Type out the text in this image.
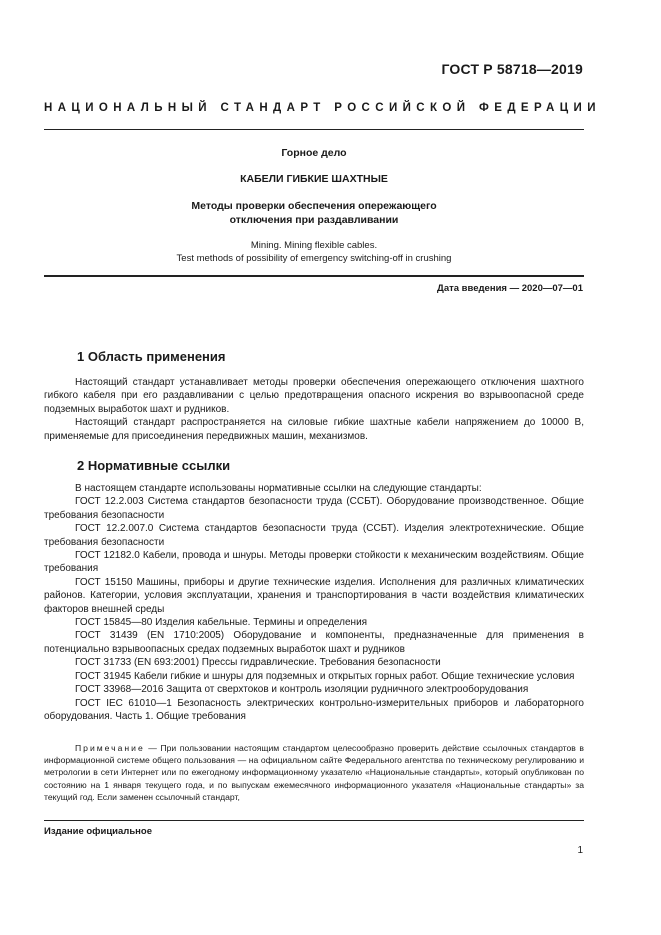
ГОСТ Р 58718—2019
НАЦИОНАЛЬНЫЙ СТАНДАРТ РОССИЙСКОЙ ФЕДЕРАЦИИ
Горное дело
КАБЕЛИ ГИБКИЕ ШАХТНЫЕ
Методы проверки обеспечения опережающего
отключения при раздавливании
Mining. Mining flexible cables.
Test methods of possibility of emergency switching-off in crushing
Дата введения — 2020—07—01
1 Область применения

Настоящий стандарт устанавливает методы проверки обеспечения опережающего отключения шахтного гибкого кабеля при его раздавливании с целью предотвращения опасного искрения во взрывоопасной среде подземных выработок шахт и рудников.

Настоящий стандарт распространяется на силовые гибкие шахтные кабели напряжением до 10000 В, применяемые для присоединения передвижных машин, механизмов.

2 Нормативные ссылки

В настоящем стандарте использованы нормативные ссылки на следующие стандарты:

ГОСТ 12.2.003 Система стандартов безопасности труда (ССБТ). Оборудование производственное. Общие требования безопасности

ГОСТ 12.2.007.0 Система стандартов безопасности труда (ССБТ). Изделия электротехнические. Общие требования безопасности

ГОСТ 12182.0 Кабели, провода и шнуры. Методы проверки стойкости к механическим воздействиям. Общие требования

ГОСТ 15150 Машины, приборы и другие технические изделия. Исполнения для различных климатических районов. Категории, условия эксплуатации, хранения и транспортирования в части воздействия климатических факторов внешней среды

ГОСТ 15845—80 Изделия кабельные. Термины и определения

ГОСТ 31439 (EN 1710:2005) Оборудование и компоненты, предназначенные для применения в потенциально взрывоопасных средах подземных выработок шахт и рудников

ГОСТ 31733 (EN 693:2001) Прессы гидравлические. Требования безопасности

ГОСТ 31945 Кабели гибкие и шнуры для подземных и открытых горных работ. Общие технические условия

ГОСТ 33968—2016 Защита от сверхтоков и контроль изоляции рудничного электрооборудования

ГОСТ IEC 61010—1 Безопасность электрических контрольно-измерительных приборов и лабораторного оборудования. Часть 1. Общие требования

Примечание — При пользовании настоящим стандартом целесообразно проверить действие ссылочных стандартов в информационной системе общего пользования — на официальном сайте Федерального агентства по техническому регулированию и метрологии в сети Интернет или по ежегодному информационному указателю «Национальные стандарты», который опубликован по состоянию на 1 января текущего года, и по выпускам ежемесячного информационного указателя «Национальные стандарты» за текущий год. Если заменен ссылочный стандарт,
Издание официальное
1
